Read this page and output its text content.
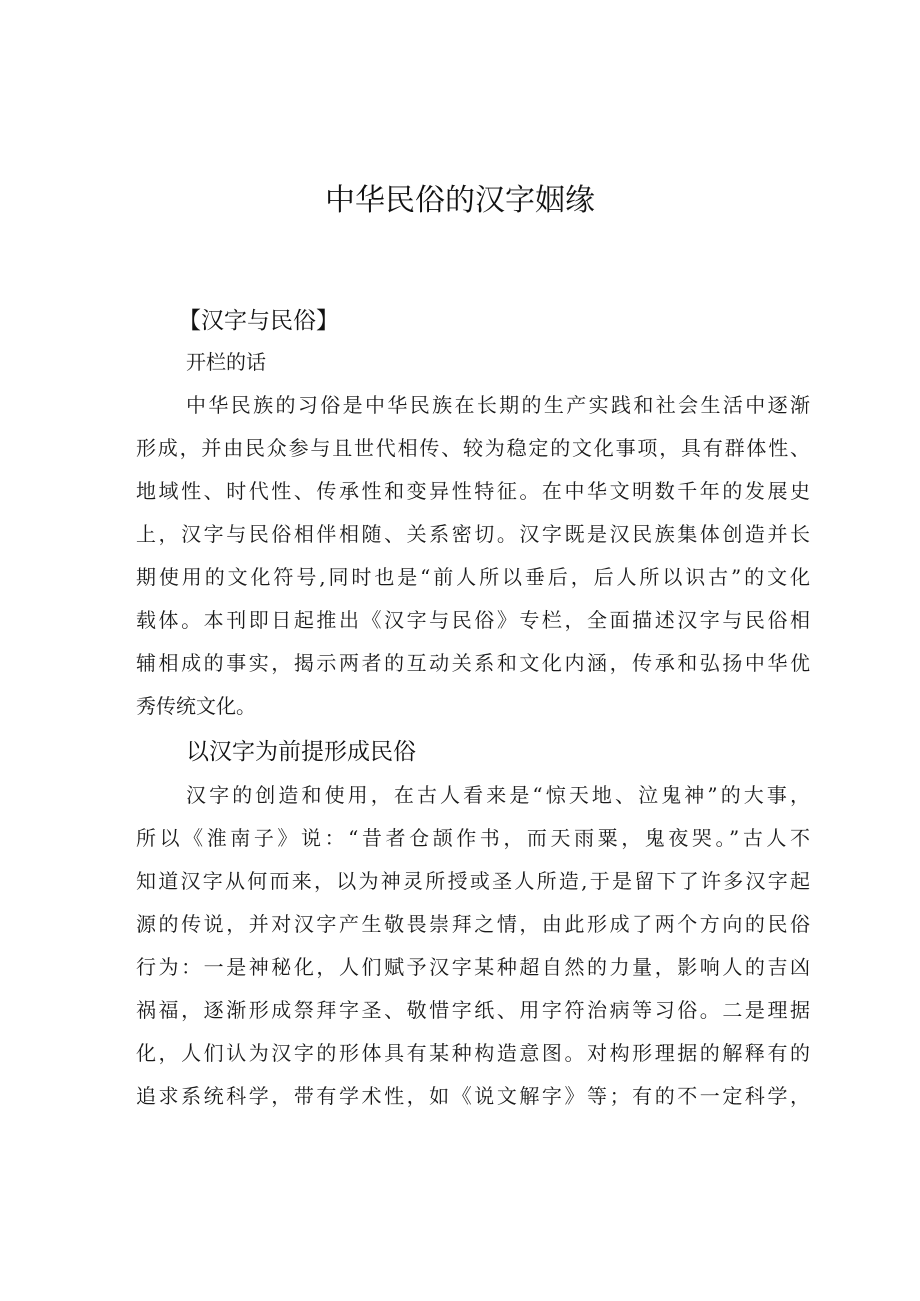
中华民俗的汉字姻缘
【汉字与民俗】

开栏的话

中华民族的习俗是中华民族在长期的生产实践和社会生活中逐渐

形成，并由民众参与且世代相传、较为稳定的文化事项，具有群体性、

地域性、时代性、传承性和变异性特征。在中华文明数千年的发展史

上，汉字与民俗相伴相随、关系密切。汉字既是汉民族集体创造并长

期使用的文化符号,同时也是“前人所以垂后，后人所以识古”的文化

载体。本刊即日起推出《汉字与民俗》专栏，全面描述汉字与民俗相

辅相成的事实，揭示两者的互动关系和文化内涵，传承和弘扬中华优

秀传统文化。

以汉字为前提形成民俗

汉字的创造和使用，在古人看来是“惊天地、泣鬼神”的大事，

所以《淮南子》说：“昔者仓颉作书，而天雨粟，鬼夜哭。”古人不

知道汉字从何而来，以为神灵所授或圣人所造,于是留下了许多汉字起

源的传说，并对汉字产生敬畏崇拜之情，由此形成了两个方向的民俗

行为：一是神秘化，人们赋予汉字某种超自然的力量，影响人的吉凶

祸福，逐渐形成祭拜字圣、敬惜字纸、用字符治病等习俗。二是理据

化，人们认为汉字的形体具有某种构造意图。对构形理据的解释有的

追求系统科学，带有学术性，如《说文解字》等；有的不一定科学，
